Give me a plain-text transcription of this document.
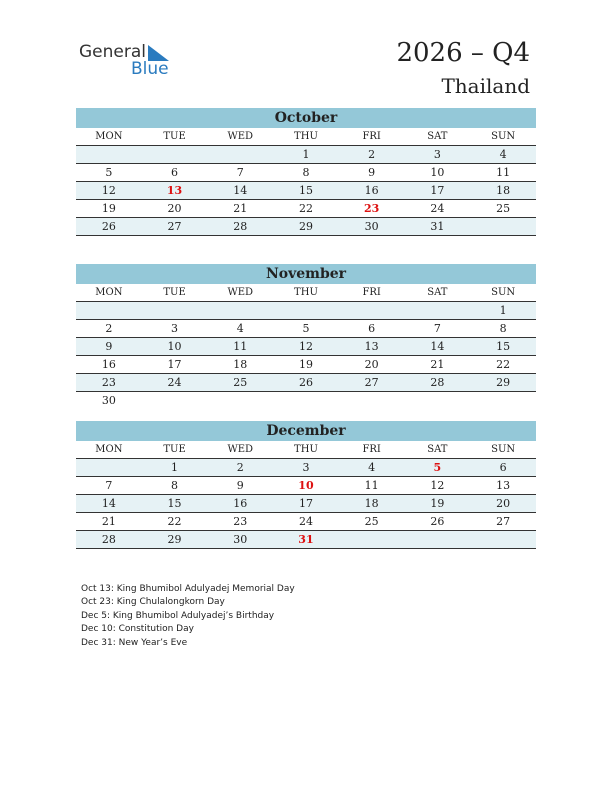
General
Blue
2026 – Q4
Thailand
October
MON	TUE	WED	THU	FRI	SAT	SUN
			1	2	3	4
5	6	7	8	9	10	11
12	13	14	15	16	17	18
19	20	21	22	23	24	25
26	27	28	29	30	31	
November
MON	TUE	WED	THU	FRI	SAT	SUN
						1
2	3	4	5	6	7	8
9	10	11	12	13	14	15
16	17	18	19	20	21	22
23	24	25	26	27	28	29
30						
December
MON	TUE	WED	THU	FRI	SAT	SUN
	1	2	3	4	5	6
7	8	9	10	11	12	13
14	15	16	17	18	19	20
21	22	23	24	25	26	27
28	29	30	31			
Oct 13: King Bhumibol Adulyadej Memorial Day
Oct 23: King Chulalongkorn Day
Dec 5: King Bhumibol Adulyadej’s Birthday
Dec 10: Constitution Day
Dec 31: New Year’s Eve
